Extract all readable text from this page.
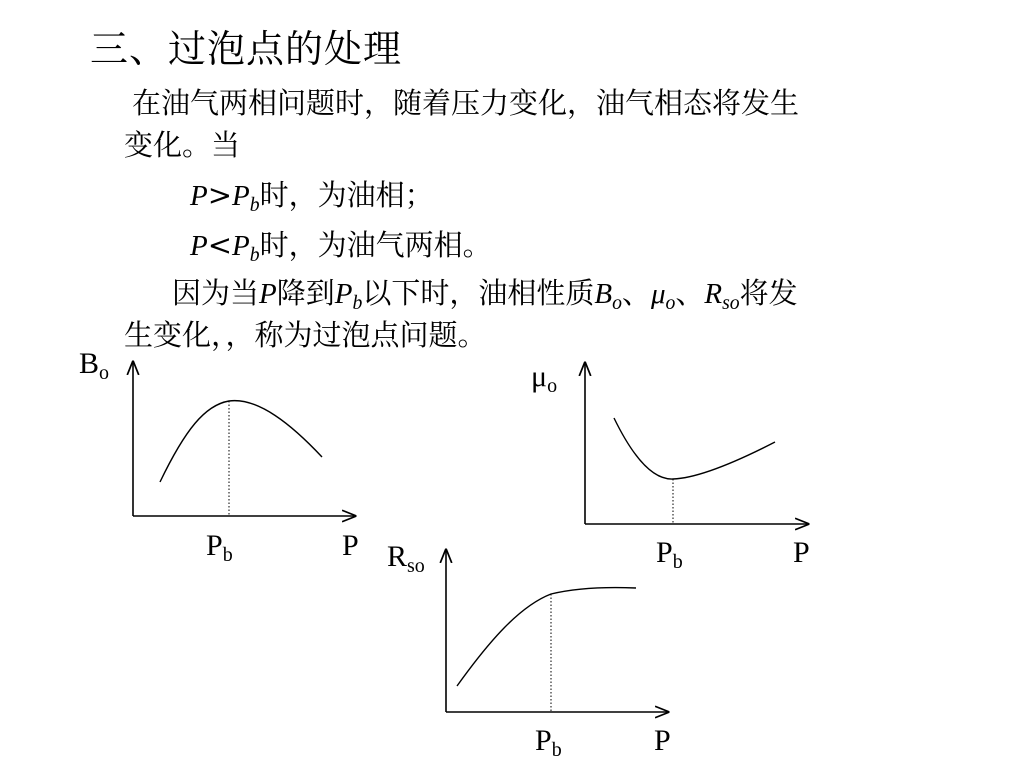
三、过泡点的处理
在油气两相问题时，随着压力变化，油气相态将发生
变化。当
$P>P_b$时，为油相；
$P<P_b$时，为油气两相。
因为当P降到$P_b$以下时，油相性质$B_o$、$\mu_o$、$R_{so}$将发
生变化，，称为过泡点问题。
$B_o$
$P_b$	P
$\mu_o$
$P_b$	P
$R_{so}$
$P_b$	P
